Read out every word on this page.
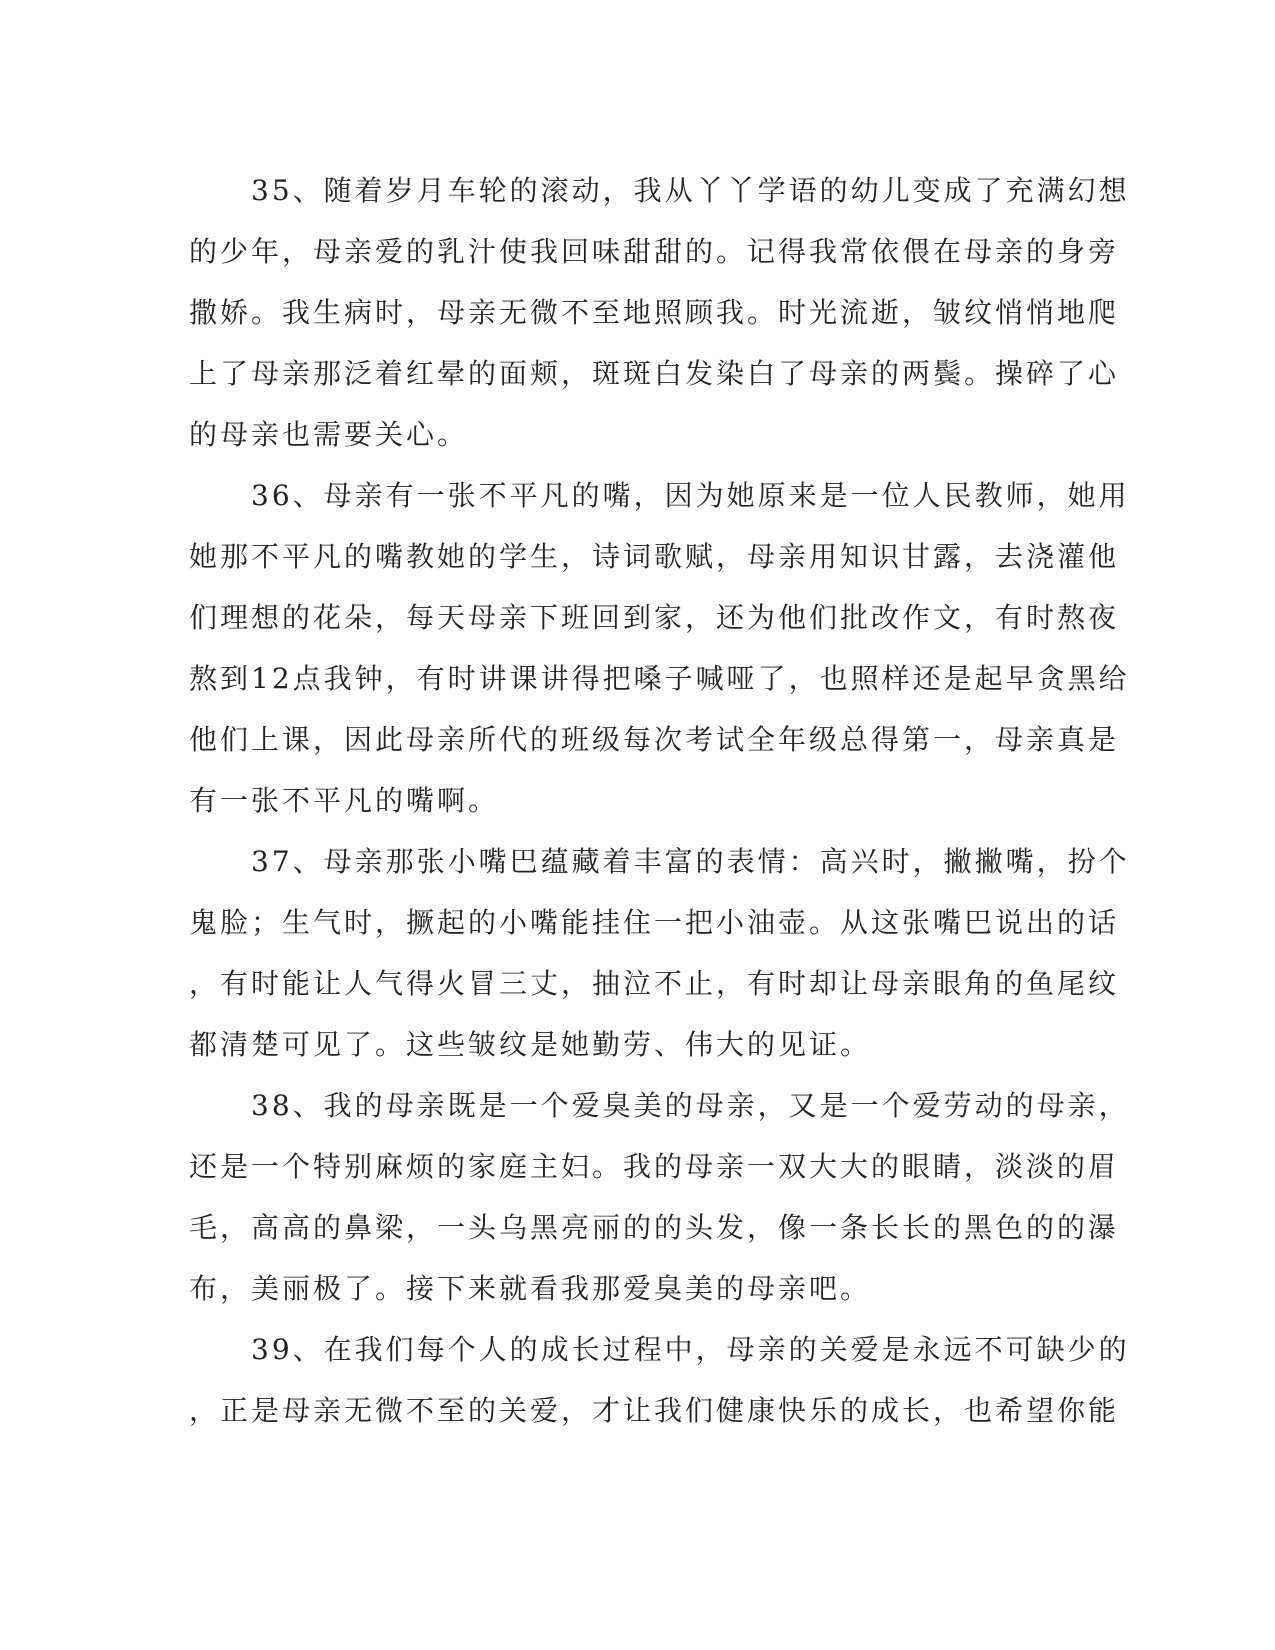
35、随着岁月车轮的滚动，我从丫丫学语的幼儿变成了充满幻想
的少年，母亲爱的乳汁使我回味甜甜的。记得我常依偎在母亲的身旁
撒娇。我生病时，母亲无微不至地照顾我。时光流逝，皱纹悄悄地爬
上了母亲那泛着红晕的面颊，斑斑白发染白了母亲的两鬓。操碎了心
的母亲也需要关心。
36、母亲有一张不平凡的嘴，因为她原来是一位人民教师，她用
她那不平凡的嘴教她的学生，诗词歌赋，母亲用知识甘露，去浇灌他
们理想的花朵，每天母亲下班回到家，还为他们批改作文，有时熬夜
熬到12点我钟，有时讲课讲得把嗓子喊哑了，也照样还是起早贪黑给
他们上课，因此母亲所代的班级每次考试全年级总得第一，母亲真是
有一张不平凡的嘴啊。
37、母亲那张小嘴巴蕴藏着丰富的表情：高兴时，撇撇嘴，扮个
鬼脸；生气时，撅起的小嘴能挂住一把小油壶。从这张嘴巴说出的话
，有时能让人气得火冒三丈，抽泣不止，有时却让母亲眼角的鱼尾纹
都清楚可见了。这些皱纹是她勤劳、伟大的见证。
38、我的母亲既是一个爱臭美的母亲，又是一个爱劳动的母亲，
还是一个特别麻烦的家庭主妇。我的母亲一双大大的眼睛，淡淡的眉
毛，高高的鼻梁，一头乌黑亮丽的的头发，像一条长长的黑色的的瀑
布，美丽极了。接下来就看我那爱臭美的母亲吧。
39、在我们每个人的成长过程中，母亲的关爱是永远不可缺少的
，正是母亲无微不至的关爱，才让我们健康快乐的成长，也希望你能
